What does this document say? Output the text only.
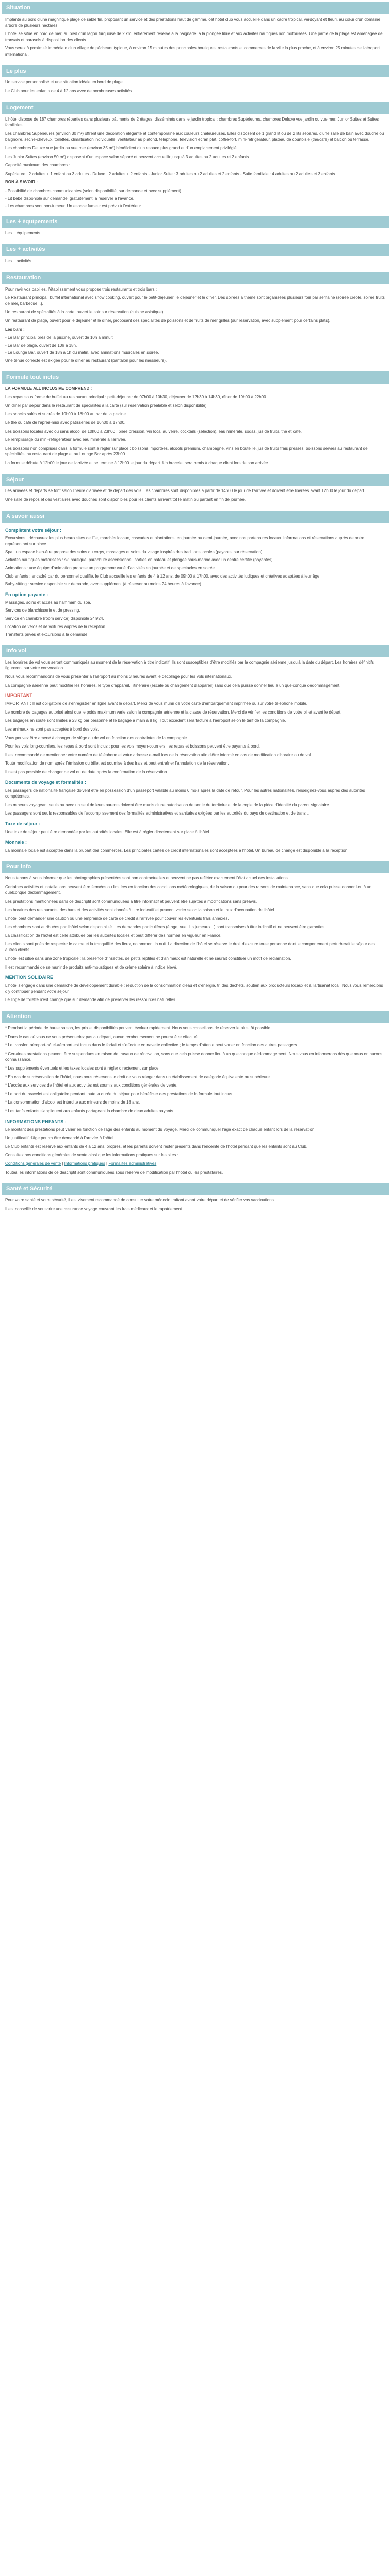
Situation
Implanté au bord d'une magnifique plage de sable fin, proposant un service et des prestations haut de gamme, cet hôtel club vous accueille dans un cadre tropical, verdoyant et fleuri, au cœur d'un domaine arboré de plusieurs hectares.
L'hôtel se situe en bord de mer, au pied d'un lagon turquoise de 2 km, entièrement réservé à la baignade, à la plongée libre et aux activités nautiques non motorisées. Une partie de la plage est aménagée de transats et parasols à disposition des clients.
Vous serez à proximité immédiate d'un village de pêcheurs typique, à environ 15 minutes des principales boutiques, restaurants et commerces de la ville la plus proche, et à environ 25 minutes de l'aéroport international.
Le plus
Un service personnalisé et une situation idéale en bord de plage.
Le Club pour les enfants de 4 à 12 ans avec de nombreuses activités.
Logement
L'hôtel dispose de 187 chambres réparties dans plusieurs bâtiments de 2 étages, disséminés dans le jardin tropical : chambres Supérieures, chambres Deluxe vue jardin ou vue mer, Junior Suites et Suites familiales.
Les chambres Supérieures (environ 30 m²) offrent une décoration élégante et contemporaine aux couleurs chaleureuses. Elles disposent de 1 grand lit ou de 2 lits séparés, d'une salle de bain avec douche ou baignoire, sèche-cheveux, toilettes, climatisation individuelle, ventilateur au plafond, téléphone, télévision écran plat, coffre-fort, mini-réfrigérateur, plateau de courtoisie (thé/café) et balcon ou terrasse.
Les chambres Deluxe vue jardin ou vue mer (environ 35 m²) bénéficient d'un espace plus grand et d'un emplacement privilégié.
Les Junior Suites (environ 50 m²) disposent d'un espace salon séparé et peuvent accueillir jusqu'à 3 adultes ou 2 adultes et 2 enfants.
Capacité maximum des chambres :
Supérieure : 2 adultes + 1 enfant ou 3 adultes - Deluxe : 2 adultes + 2 enfants - Junior Suite : 3 adultes ou 2 adultes et 2 enfants - Suite familiale : 4 adultes ou 2 adultes et 3 enfants.
BON À SAVOIR :
- Possibilité de chambres communicantes (selon disponibilité, sur demande et avec supplément).
- Lit bébé disponible sur demande, gratuitement, à réserver à l'avance.
- Les chambres sont non-fumeur. Un espace fumeur est prévu à l'extérieur.
Les + équipements
Les + équipements
Les + activités
Les + activités
Restauration
Pour ravir vos papilles, l'établissement vous propose trois restaurants et trois bars :
Le Restaurant principal, buffet international avec show cooking, ouvert pour le petit-déjeuner, le déjeuner et le dîner. Des soirées à thème sont organisées plusieurs fois par semaine (soirée créole, soirée fruits de mer, barbecue...).
Un restaurant de spécialités à la carte, ouvert le soir sur réservation (cuisine asiatique).
Un restaurant de plage, ouvert pour le déjeuner et le dîner, proposant des spécialités de poissons et de fruits de mer grillés (sur réservation, avec supplément pour certains plats).
Les bars :
- Le Bar principal près de la piscine, ouvert de 10h à minuit.
- Le Bar de plage, ouvert de 10h à 18h.
- Le Lounge Bar, ouvert de 18h à 1h du matin, avec animations musicales en soirée.
Une tenue correcte est exigée pour le dîner au restaurant (pantalon pour les messieurs).
Formule tout inclus
LA FORMULE ALL INCLUSIVE COMPREND :
Les repas sous forme de buffet au restaurant principal : petit-déjeuner de 07h00 à 10h30, déjeuner de 12h30 à 14h30, dîner de 19h00 à 22h00.
Un dîner par séjour dans le restaurant de spécialités à la carte (sur réservation préalable et selon disponibilité).
Les snacks salés et sucrés de 10h00 à 18h00 au bar de la piscine.
Le thé ou café de l'après-midi avec pâtisseries de 16h00 à 17h00.
Les boissons locales avec ou sans alcool de 10h00 à 23h00 : bière pression, vin local au verre, cocktails (sélection), eau minérale, sodas, jus de fruits, thé et café.
Le remplissage du mini-réfrigérateur avec eau minérale à l'arrivée.
Les boissons non comprises dans la formule sont à régler sur place : boissons importées, alcools premium, champagne, vins en bouteille, jus de fruits frais pressés, boissons servies au restaurant de spécialités, au restaurant de plage et au Lounge Bar après 23h00.
La formule débute à 12h00 le jour de l'arrivée et se termine à 12h00 le jour du départ. Un bracelet sera remis à chaque client lors de son arrivée.
Séjour
Les arrivées et départs se font selon l'heure d'arrivée et de départ des vols. Les chambres sont disponibles à partir de 14h00 le jour de l'arrivée et doivent être libérées avant 12h00 le jour du départ.
Une salle de repos et des vestiaires avec douches sont disponibles pour les clients arrivant tôt le matin ou partant en fin de journée.
A savoir aussi
Complètent votre séjour :
Excursions : découvrez les plus beaux sites de l'île, marchés locaux, cascades et plantations, en journée ou demi-journée, avec nos partenaires locaux. Informations et réservations auprès de notre représentant sur place.
Spa : un espace bien-être propose des soins du corps, massages et soins du visage inspirés des traditions locales (payants, sur réservation).
Activités nautiques motorisées : ski nautique, parachute ascensionnel, sorties en bateau et plongée sous-marine avec un centre certifié (payantes).
Animations : une équipe d'animation propose un programme varié d'activités en journée et de spectacles en soirée.
Club enfants : encadré par du personnel qualifié, le Club accueille les enfants de 4 à 12 ans, de 09h00 à 17h00, avec des activités ludiques et créatives adaptées à leur âge.
Baby-sitting : service disponible sur demande, avec supplément (à réserver au moins 24 heures à l'avance).
En option payante :
Massages, soins et accès au hammam du spa.
Services de blanchisserie et de pressing.
Service en chambre (room service) disponible 24h/24.
Location de vélos et de voitures auprès de la réception.
Transferts privés et excursions à la demande.
Info vol
Les horaires de vol vous seront communiqués au moment de la réservation à titre indicatif. Ils sont susceptibles d'être modifiés par la compagnie aérienne jusqu'à la date du départ. Les horaires définitifs figureront sur votre convocation.
Nous vous recommandons de vous présenter à l'aéroport au moins 3 heures avant le décollage pour les vols internationaux.
La compagnie aérienne peut modifier les horaires, le type d'appareil, l'itinéraire (escale ou changement d'appareil) sans que cela puisse donner lieu à un quelconque dédommagement.
IMPORTANT
IMPORTANT : Il est obligatoire de s'enregistrer en ligne avant le départ. Merci de vous munir de votre carte d'embarquement imprimée ou sur votre téléphone mobile.
Le nombre de bagages autorisé ainsi que le poids maximum varie selon la compagnie aérienne et la classe de réservation. Merci de vérifier les conditions de votre billet avant le départ.
Les bagages en soute sont limités à 23 kg par personne et le bagage à main à 8 kg. Tout excédent sera facturé à l'aéroport selon le tarif de la compagnie.
Les animaux ne sont pas acceptés à bord des vols.
Vous pouvez être amené à changer de siège ou de vol en fonction des contraintes de la compagnie.
Pour les vols long-courriers, les repas à bord sont inclus ; pour les vols moyen-courriers, les repas et boissons peuvent être payants à bord.
Il est recommandé de mentionner votre numéro de téléphone et votre adresse e-mail lors de la réservation afin d'être informé en cas de modification d'horaire ou de vol.
Toute modification de nom après l'émission du billet est soumise à des frais et peut entraîner l'annulation de la réservation.
Il n'est pas possible de changer de vol ou de date après la confirmation de la réservation.
Documents de voyage et formalités :
Les passagers de nationalité française doivent être en possession d'un passeport valable au moins 6 mois après la date de retour. Pour les autres nationalités, renseignez-vous auprès des autorités compétentes.
Les mineurs voyageant seuls ou avec un seul de leurs parents doivent être munis d'une autorisation de sortie du territoire et de la copie de la pièce d'identité du parent signataire.
Les passagers sont seuls responsables de l'accomplissement des formalités administratives et sanitaires exigées par les autorités du pays de destination et de transit.
Taxe de séjour :
Une taxe de séjour peut être demandée par les autorités locales. Elle est à régler directement sur place à l'hôtel.
Monnaie :
La monnaie locale est acceptée dans la plupart des commerces. Les principales cartes de crédit internationales sont acceptées à l'hôtel. Un bureau de change est disponible à la réception.
Pour info
Nous tenons à vous informer que les photographies présentées sont non contractuelles et peuvent ne pas refléter exactement l'état actuel des installations.
Certaines activités et installations peuvent être fermées ou limitées en fonction des conditions météorologiques, de la saison ou pour des raisons de maintenance, sans que cela puisse donner lieu à un quelconque dédommagement.
Les prestations mentionnées dans ce descriptif sont communiquées à titre informatif et peuvent être sujettes à modifications sans préavis.
Les horaires des restaurants, des bars et des activités sont donnés à titre indicatif et peuvent varier selon la saison et le taux d'occupation de l'hôtel.
L'hôtel peut demander une caution ou une empreinte de carte de crédit à l'arrivée pour couvrir les éventuels frais annexes.
Les chambres sont attribuées par l'hôtel selon disponibilité. Les demandes particulières (étage, vue, lits jumeaux...) sont transmises à titre indicatif et ne peuvent être garanties.
La classification de l'hôtel est celle attribuée par les autorités locales et peut différer des normes en vigueur en France.
Les clients sont priés de respecter le calme et la tranquillité des lieux, notamment la nuit. La direction de l'hôtel se réserve le droit d'exclure toute personne dont le comportement perturberait le séjour des autres clients.
L'hôtel est situé dans une zone tropicale ; la présence d'insectes, de petits reptiles et d'animaux est naturelle et ne saurait constituer un motif de réclamation.
Il est recommandé de se munir de produits anti-moustiques et de crème solaire à indice élevé.
MENTION SOLIDAIRE
L'hôtel s'engage dans une démarche de développement durable : réduction de la consommation d'eau et d'énergie, tri des déchets, soutien aux producteurs locaux et à l'artisanat local. Nous vous remercions d'y contribuer pendant votre séjour.
Le linge de toilette n'est changé que sur demande afin de préserver les ressources naturelles.
Attention
* Pendant la période de haute saison, les prix et disponibilités peuvent évoluer rapidement. Nous vous conseillons de réserver le plus tôt possible.
* Dans le cas où vous ne vous présenteriez pas au départ, aucun remboursement ne pourra être effectué.
* Le transfert aéroport-hôtel-aéroport est inclus dans le forfait et s'effectue en navette collective ; le temps d'attente peut varier en fonction des autres passagers.
* Certaines prestations peuvent être suspendues en raison de travaux de rénovation, sans que cela puisse donner lieu à un quelconque dédommagement. Nous vous en informerons dès que nous en aurons connaissance.
* Les suppléments éventuels et les taxes locales sont à régler directement sur place.
* En cas de surréservation de l'hôtel, nous nous réservons le droit de vous reloger dans un établissement de catégorie équivalente ou supérieure.
* L'accès aux services de l'hôtel et aux activités est soumis aux conditions générales de vente.
* Le port du bracelet est obligatoire pendant toute la durée du séjour pour bénéficier des prestations de la formule tout inclus.
* La consommation d'alcool est interdite aux mineurs de moins de 18 ans.
* Les tarifs enfants s'appliquent aux enfants partageant la chambre de deux adultes payants.
INFORMATIONS ENFANTS :
Le montant des prestations peut varier en fonction de l'âge des enfants au moment du voyage. Merci de communiquer l'âge exact de chaque enfant lors de la réservation.
Un justificatif d'âge pourra être demandé à l'arrivée à l'hôtel.
Le Club enfants est réservé aux enfants de 4 à 12 ans, propres, et les parents doivent rester présents dans l'enceinte de l'hôtel pendant que les enfants sont au Club.
Consultez nos conditions générales de vente ainsi que les informations pratiques sur les sites :
Conditions générales de vente | Informations pratiques | Formalités administratives
Toutes les informations de ce descriptif sont communiquées sous réserve de modification par l'hôtel ou les prestataires.
Santé et Sécurité
Pour votre santé et votre sécurité, il est vivement recommandé de consulter votre médecin traitant avant votre départ et de vérifier vos vaccinations.
Il est conseillé de souscrire une assurance voyage couvrant les frais médicaux et le rapatriement.
